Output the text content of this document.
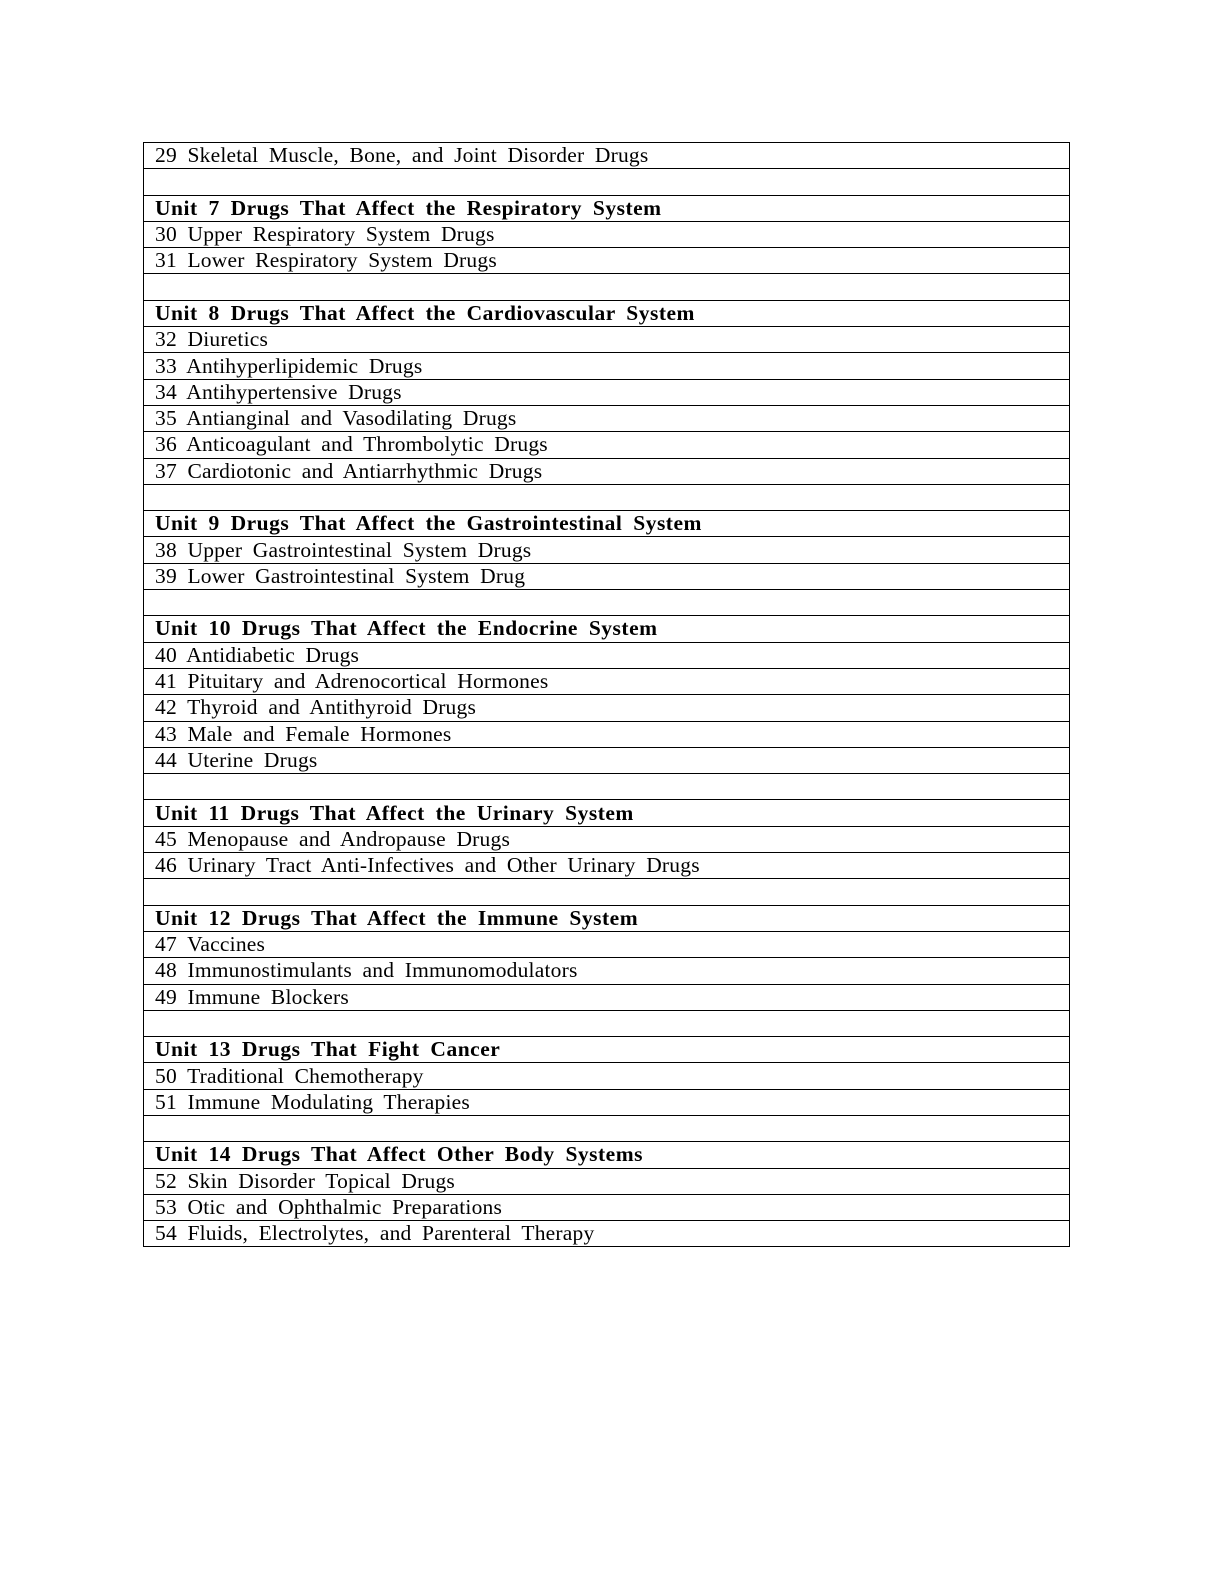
29 Skeletal Muscle, Bone, and Joint Disorder Drugs

Unit 7 Drugs That Affect the Respiratory System
30 Upper Respiratory System Drugs
31 Lower Respiratory System Drugs

Unit 8 Drugs That Affect the Cardiovascular System
32 Diuretics
33 Antihyperlipidemic Drugs
34 Antihypertensive Drugs
35 Antianginal and Vasodilating Drugs
36 Anticoagulant and Thrombolytic Drugs
37 Cardiotonic and Antiarrhythmic Drugs

Unit 9 Drugs That Affect the Gastrointestinal System
38 Upper Gastrointestinal System Drugs
39 Lower Gastrointestinal System Drug

Unit 10 Drugs That Affect the Endocrine System
40 Antidiabetic Drugs
41 Pituitary and Adrenocortical Hormones
42 Thyroid and Antithyroid Drugs
43 Male and Female Hormones
44 Uterine Drugs

Unit 11 Drugs That Affect the Urinary System
45 Menopause and Andropause Drugs
46 Urinary Tract Anti-Infectives and Other Urinary Drugs

Unit 12 Drugs That Affect the Immune System
47 Vaccines
48 Immunostimulants and Immunomodulators
49 Immune Blockers

Unit 13 Drugs That Fight Cancer
50 Traditional Chemotherapy
51 Immune Modulating Therapies

Unit 14 Drugs That Affect Other Body Systems
52 Skin Disorder Topical Drugs
53 Otic and Ophthalmic Preparations
54 Fluids, Electrolytes, and Parenteral Therapy
